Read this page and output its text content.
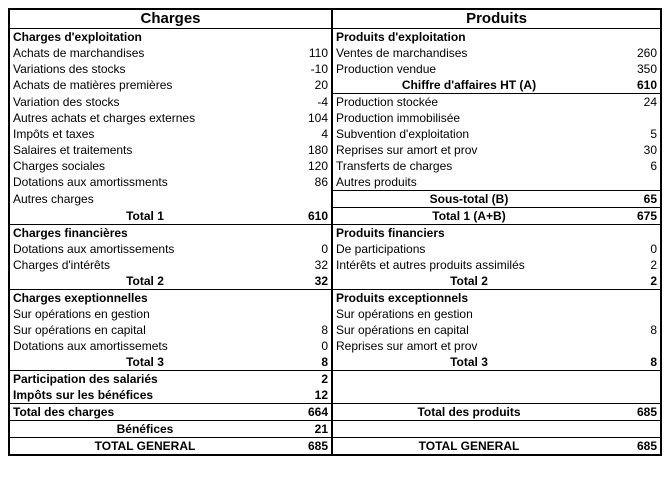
Charges		Produits	
Charges d'exploitation		Produits d'exploitation	
Achats de marchandises	110	Ventes de marchandises	260
Variations des stocks	-10	Production vendue	350
Achats de matières premières	20	Chiffre d'affaires HT (A)	610
Variation des stocks	-4	Production stockée	24
Autres achats et charges externes	104	Production immobilisée	
Impôts et taxes	4	Subvention d'exploitation	5
Salaires et traitements	180	Reprises sur amort et prov	30
Charges sociales	120	Transferts de charges	6
Dotations aux amortissments	86	Autres produits	
Autres charges		Sous-total (B)	65
Total 1	610	Total 1 (A+B)	675
Charges financières		Produits financiers	
Dotations aux amortissements	0	De participations	0
Charges d'intérêts	32	Intérêts et autres produits assimilés	2
Total 2	32	Total 2	2
Charges exeptionnelles		Produits exceptionnels	
Sur opérations en gestion		Sur opérations en gestion	
Sur opérations en capital	8	Sur opérations en capital	8
Dotations aux amortissemets	0	Reprises sur amort et prov	
Total 3	8	Total 3	8
Participation des salariés	2		
Impôts sur les bénéfices	12		
Total des charges	664	Total des produits	685
Bénéfices	21		
TOTAL GENERAL	685	TOTAL GENERAL	685
